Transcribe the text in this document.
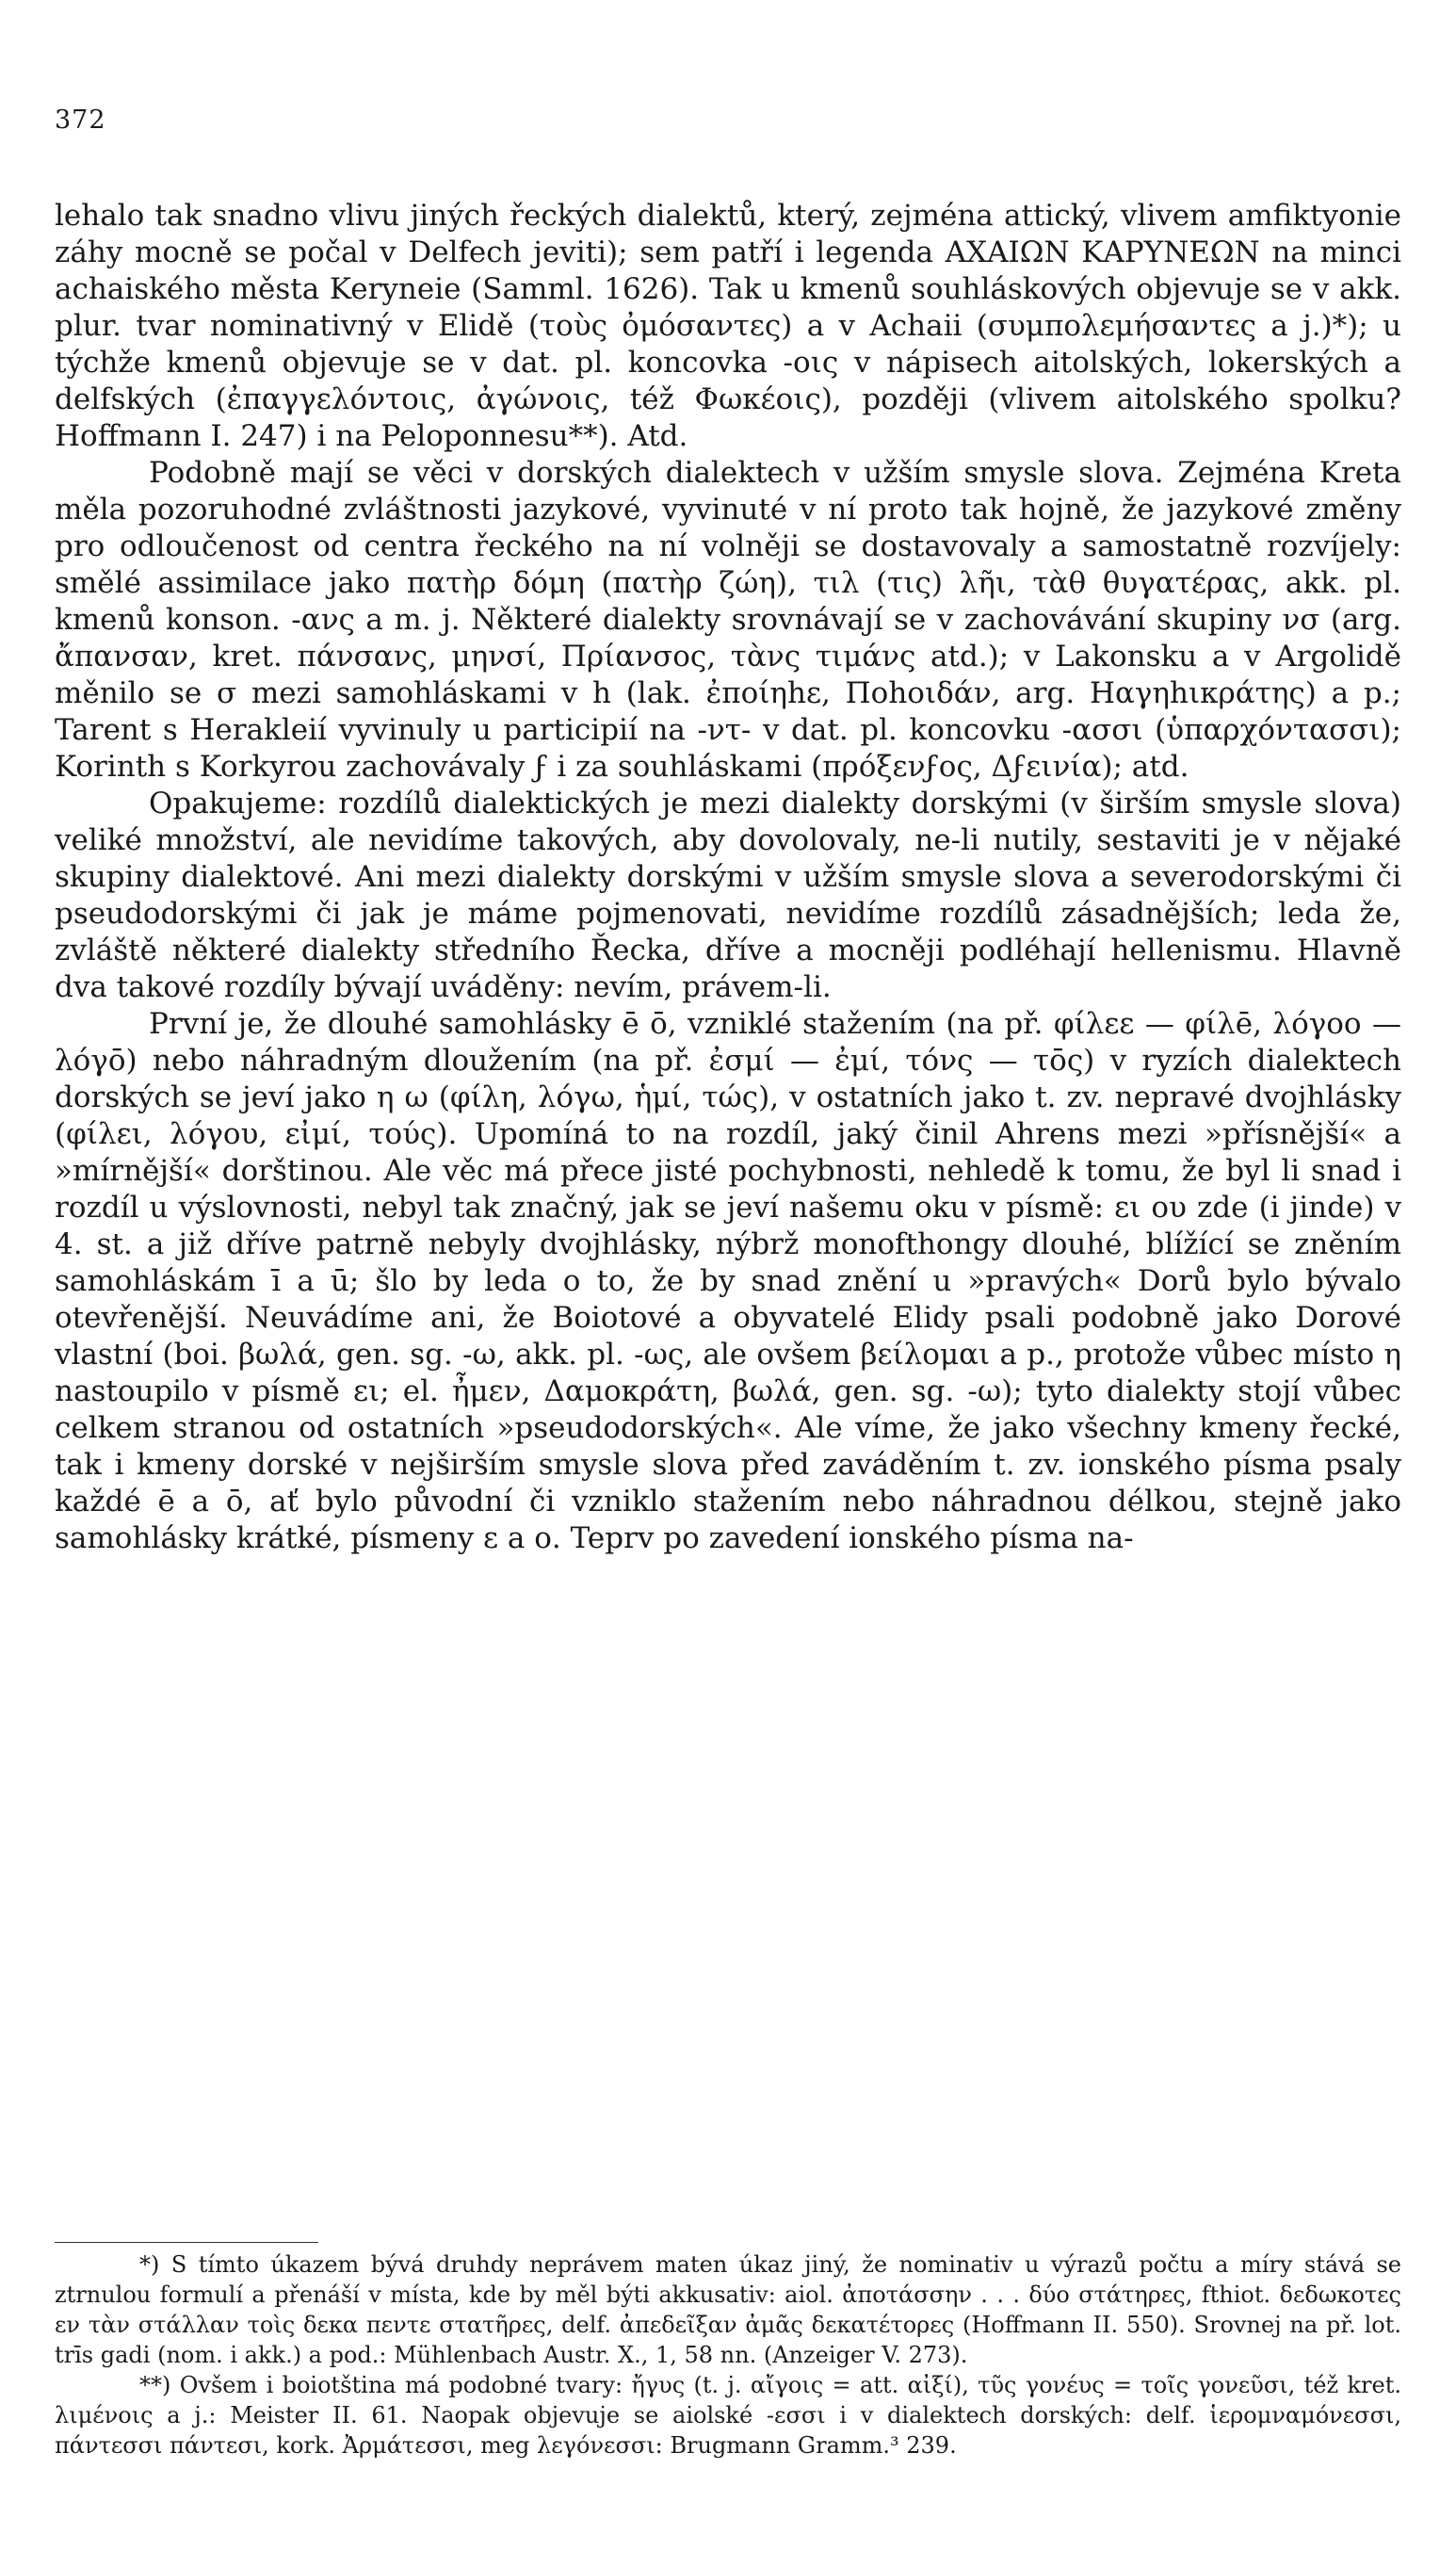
372

lehalo tak snadno vlivu jiných řeckých dialektů, který, zejména attický, vlivem amfiktyonie záhy mocně se počal v Delfech jeviti); sem patří i legenda ΑΧΑΙΩΝ ΚΑΡΥΝΕΩΝ na minci achaiského města Keryneie (Samml. 1626). Tak u kmenů souhláskových objevuje se v akk. plur. tvar nominativný v Elidě (τοὺς ὀμόσαντες) a v Achaii (συμπολεμήσαντες a j.)*); u týchže kmenů objevuje se v dat. pl. koncovka -οις v nápisech aitolských, lokerských a delfských (ἐπαγγελόντοις, ἀγώνοις, též Φωκέοις), později (vlivem aitolského spolku? Hoffmann I. 247) i na Peloponnesu**). Atd.

Podobně mají se věci v dorských dialektech v užším smysle slova. Zejména Kreta měla pozoruhodné zvláštnosti jazykové, vyvinuté v ní proto tak hojně, že jazykové změny pro odloučenost od centra řeckého na ní volněji se dostavovaly a samostatně rozvíjely: smělé assimilace jako πατὴρ δόμη (πατὴρ ζώη), τιλ (τις) λῆι, τὰθ θυγατέρας, akk. pl. kmenů konson. -ανς a m. j. Některé dialekty srovnávají se v zachovávání skupiny νσ (arg. ἄπανσαν, kret. πάνσανς, μηνσί, Πρίανσος, τὰνς τιμάνς atd.); v Lakonsku a v Argolidě měnilo se σ mezi samohláskami v h (lak. ἐποίηhε, Ποhοιδάν, arg. Ηαγηhικράτης) a p.; Tarent s Herakleií vyvinuly u participií na -ντ- v dat. pl. koncovku -ασσι (ὑπαρχόντασσι); Korinth s Korkyrou zachovávaly ϝ i za souhláskami (πρόξενϝος, Δϝεινία); atd.

Opakujeme: rozdílů dialektických je mezi dialekty dorskými (v širším smysle slova) veliké množství, ale nevidíme takových, aby dovolovaly, ne-li nutily, sestaviti je v nějaké skupiny dialektové. Ani mezi dialekty dorskými v užším smysle slova a severodorskými či pseudodorskými či jak je máme pojmenovati, nevidíme rozdílů zásadnějších; leda že, zvláště některé dialekty středního Řecka, dříve a mocněji podléhají hellenismu. Hlavně dva takové rozdíly bývají uváděny: nevím, právem-li.

První je, že dlouhé samohlásky ē ō, vzniklé stažením (na př. φίλεε — φίλē, λόγοο — λόγō) nebo náhradným dloužením (na př. ἐσμί — ἐμί, τόνς — τōς) v ryzích dialektech dorských se jeví jako η ω (φίλη, λόγω, ἡμί, τώς), v ostatních jako t. zv. nepravé dvojhlásky (φίλει, λόγου, εἰμί, τούς). Upomíná to na rozdíl, jaký činil Ahrens mezi »přísnější« a »mírnější« dorštinou. Ale věc má přece jisté pochybnosti, nehledě k tomu, že byl li snad i rozdíl u výslovnosti, nebyl tak značný, jak se jeví našemu oku v písmě: ει ου zde (i jinde) v 4. st. a již dříve patrně nebyly dvojhlásky, nýbrž monofthongy dlouhé, blížící se zněním samohláskám ī a ū; šlo by leda o to, že by snad znění u »pravých« Dorů bylo bývalo otevřenější. Neuvádíme ani, že Boiotové a obyvatelé Elidy psali podobně jako Dorové vlastní (boi. βωλά, gen. sg. -ω, akk. pl. -ως, ale ovšem βείλομαι a p., protože vůbec místo η nastoupilo v písmě ει; el. ἦμεν, Δαμοκράτη, βωλά, gen. sg. -ω); tyto dialekty stojí vůbec celkem stranou od ostatních »pseudodorských«. Ale víme, že jako všechny kmeny řecké, tak i kmeny dorské v nejširším smysle slova před zaváděním t. zv. ionského písma psaly každé ē a ō, ať bylo původní či vzniklo stažením nebo náhradnou délkou, stejně jako samohlásky krátké, písmeny ε a ο. Teprv po zavedení ionského písma na-

*) S tímto úkazem bývá druhdy neprávem maten úkaz jiný, že nominativ u výrazů počtu a míry stává se ztrnulou formulí a přenáší v místa, kde by měl býti akkusativ: aiol. ἀποτάσσην . . . δύο στάτηρες, fthiot. δεδωκοτες εν τὰν στάλλαν τοὶς δεκα πεντε στατῆρες, delf. ἀπεδεῖξαν ἀμᾶς δεκατέτορες (Hoffmann II. 550). Srovnej na př. lot. trīs gadi (nom. i akk.) a pod.: Mühlenbach Austr. X., 1, 58 nn. (Anzeiger V. 273).

**) Ovšem i boiotština má podobné tvary: ἤγυς (t. j. αἴγοις = att. αἰξί), τῦς γονέυς = τοῖς γονεῦσι, též kret. λιμένοις a j.: Meister II. 61. Naopak objevuje se aiolské -εσσι i v dialektech dorských: delf. ἱερομναμόνεσσι, πάντεσσι πάντεσι, kork. Ἀρμάτεσσι, meg λεγόνεσσι: Brugmann Gramm.³ 239.
